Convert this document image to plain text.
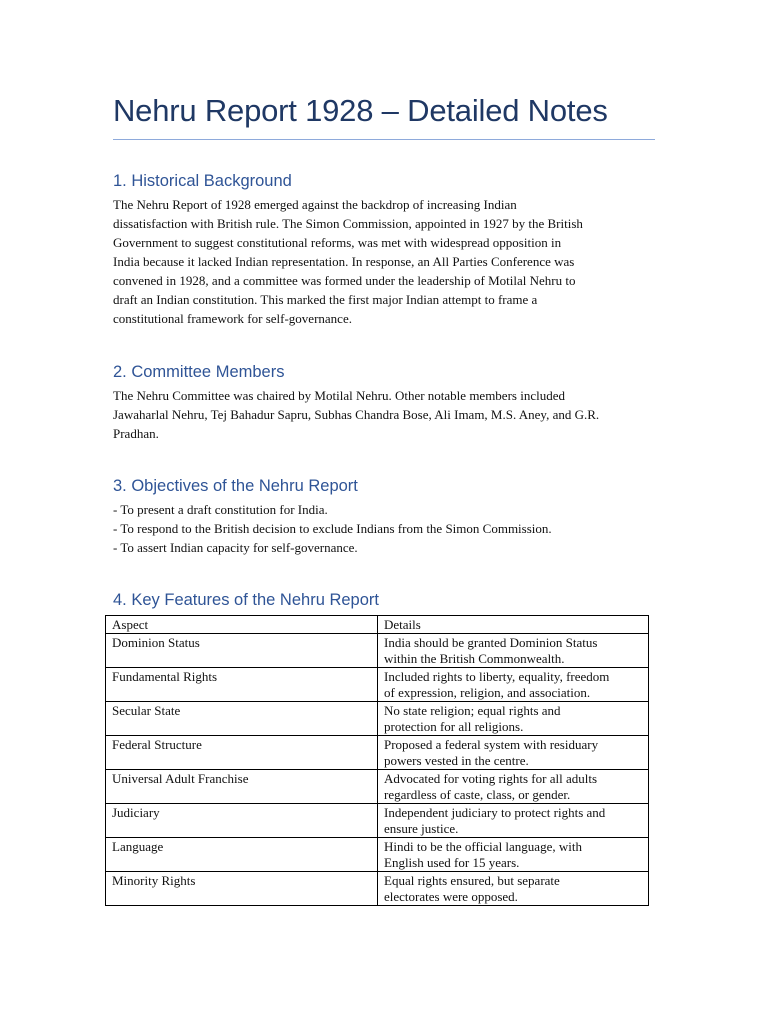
Nehru Report 1928 – Detailed Notes
1. Historical Background
The Nehru Report of 1928 emerged against the backdrop of increasing Indian
dissatisfaction with British rule. The Simon Commission, appointed in 1927 by the British
Government to suggest constitutional reforms, was met with widespread opposition in
India because it lacked Indian representation. In response, an All Parties Conference was
convened in 1928, and a committee was formed under the leadership of Motilal Nehru to
draft an Indian constitution. This marked the first major Indian attempt to frame a
constitutional framework for self-governance.
2. Committee Members
The Nehru Committee was chaired by Motilal Nehru. Other notable members included
Jawaharlal Nehru, Tej Bahadur Sapru, Subhas Chandra Bose, Ali Imam, M.S. Aney, and G.R.
Pradhan.
3. Objectives of the Nehru Report
- To present a draft constitution for India.
- To respond to the British decision to exclude Indians from the Simon Commission.
- To assert Indian capacity for self-governance.
4. Key Features of the Nehru Report
Aspect	Details
Dominion Status	India should be granted Dominion Status
within the British Commonwealth.

Fundamental Rights	Included rights to liberty, equality, freedom
of expression, religion, and association.

Secular State	No state religion; equal rights and
protection for all religions.

Federal Structure	Proposed a federal system with residuary
powers vested in the centre.

Universal Adult Franchise	Advocated for voting rights for all adults
regardless of caste, class, or gender.

Judiciary	Independent judiciary to protect rights and
ensure justice.

Language	Hindi to be the official language, with
English used for 15 years.

Minority Rights	Equal rights ensured, but separate
electorates were opposed.
